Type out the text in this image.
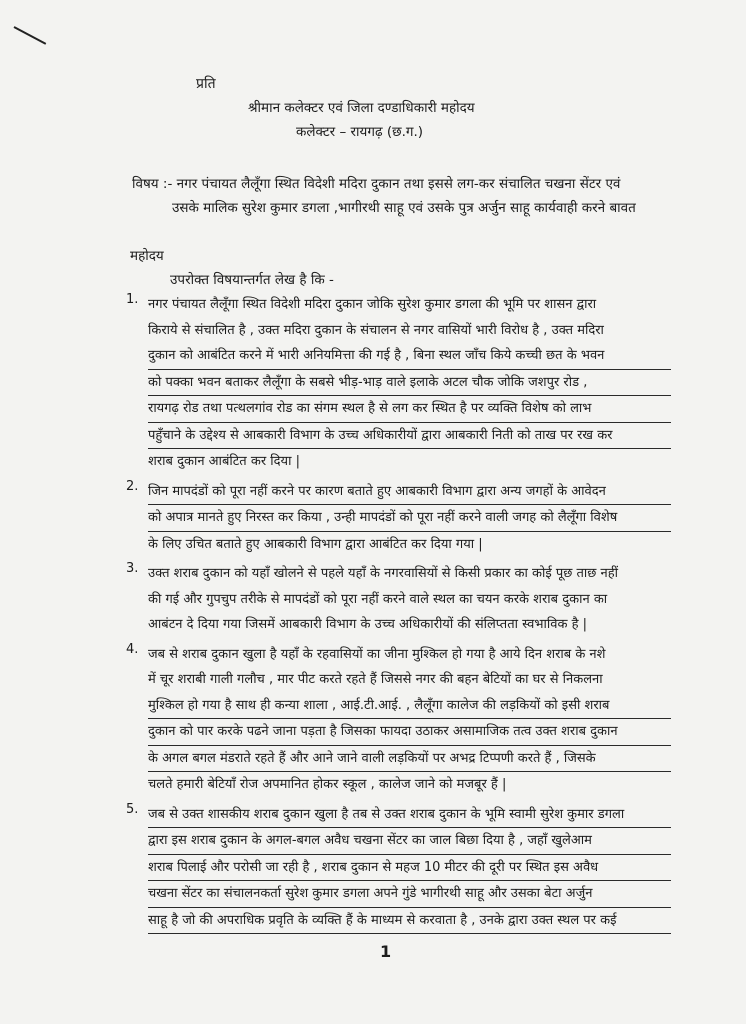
प्रति
श्रीमान कलेक्टर एवं जिला दण्डाधिकारी महोदय
कलेक्टर – रायगढ़ (छ.ग.)
विषय :- नगर पंचायत लैलूँगा स्थित विदेशी मदिरा दुकान तथा इससे लग-कर संचालित चखना सेंटर एवं
उसके मालिक सुरेश कुमार डगला ,भागीरथी साहू एवं उसके पुत्र अर्जुन साहू कार्यवाही करने बावत
महोदय
उपरोक्त विषयान्तर्गत लेख है कि -
1. नगर पंचायत लैलूँगा स्थित विदेशी मदिरा दुकान जोकि सुरेश कुमार डगला की भूमि पर शासन द्वारा
किराये से संचालित है , उक्त मदिरा दुकान के संचालन से नगर वासियों भारी विरोध है , उक्त मदिरा
दुकान को आबंटित करने में भारी अनियमित्ता की गई है , बिना स्थल जाँच किये कच्ची छत के भवन
को पक्का भवन बताकर लैलूँगा के सबसे भीड़-भाड़ वाले इलाके अटल चौक जोकि जशपुर रोड ,
रायगढ़ रोड तथा पत्थलगांव रोड का संगम स्थल है से लग कर स्थित है पर व्यक्ति विशेष को लाभ
पहुँचाने के उद्देश्य से आबकारी विभाग के उच्च अधिकारीयों द्वारा आबकारी निती को ताख पर रख कर
शराब दुकान आबंटित कर दिया |
2. जिन मापदंडों को पूरा नहीं करने पर कारण बताते हुए आबकारी विभाग द्वारा अन्य जगहों के आवेदन
को अपात्र मानते हुए निरस्त कर किया , उन्ही मापदंडों को पूरा नहीं करने वाली जगह को लैलूँगा विशेष
के लिए उचित बताते हुए आबकारी विभाग द्वारा आबंटित कर दिया गया |
3. उक्त शराब दुकान को यहाँ खोलने से पहले यहाँ के नगरवासियों से किसी प्रकार का कोई पूछ ताछ नहीं
की गई और गुपचुप तरीके से मापदंडों को पूरा नहीं करने वाले स्थल का चयन करके शराब दुकान का
आबंटन दे दिया गया जिसमें आबकारी विभाग के उच्च अधिकारीयों की संलिप्तता स्वभाविक है |
4. जब से शराब दुकान खुला है यहाँ के रहवासियों का जीना मुश्किल हो गया है आये दिन शराब के नशे
में चूर शराबी गाली गलौच , मार पीट करते रहते हैं जिससे नगर की बहन बेटियों का घर से निकलना
मुश्किल हो गया है साथ ही कन्या शाला , आई.टी.आई. , लैलूँगा कालेज की लड़कियों को इसी शराब
दुकान को पार करके पढने जाना पड़ता है जिसका फायदा उठाकर असामाजिक तत्व उक्त शराब दुकान
के अगल बगल मंडराते रहते हैं और आने जाने वाली लड़कियों पर अभद्र टिप्पणी करते हैं , जिसके
चलते हमारी बेटियाँ रोज अपमानित होकर स्कूल , कालेज जाने को मजबूर हैं |
5. जब से उक्त शासकीय शराब दुकान खुला है तब से उक्त शराब दुकान के भूमि स्वामी सुरेश कुमार डगला
द्वारा इस शराब दुकान के अगल-बगल अवैध चखना सेंटर का जाल बिछा दिया है , जहाँ खुलेआम
शराब पिलाई और परोसी जा रही है , शराब दुकान से महज 10 मीटर की दूरी पर स्थित इस अवैध
चखना सेंटर का संचालनकर्ता सुरेश कुमार डगला अपने गुंडे भागीरथी साहू और उसका बेटा अर्जुन
साहू है जो की अपराधिक प्रवृति के व्यक्ति हैं के माध्यम से करवाता है , उनके द्वारा उक्त स्थल पर कई
1
